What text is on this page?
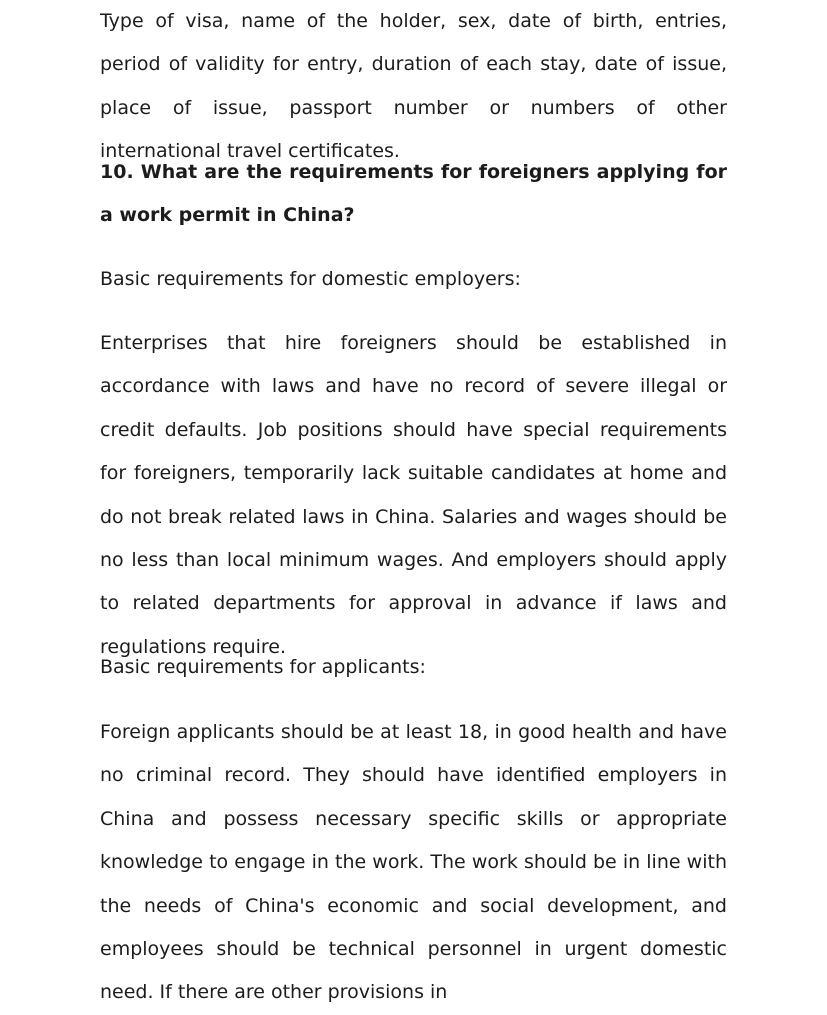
Type of visa, name of the holder, sex, date of birth, entries, period of validity for entry, duration of each stay, date of issue, place of issue, passport number or numbers of other international travel certificates.

10. What are the requirements for foreigners applying for a work permit in China?

Basic requirements for domestic employers:

Enterprises that hire foreigners should be established in accordance with laws and have no record of severe illegal or credit defaults. Job positions should have special requirements for foreigners, temporarily lack suitable candidates at home and do not break related laws in China. Salaries and wages should be no less than local minimum wages. And employers should apply to related departments for approval in advance if laws and regulations require.

Basic requirements for applicants:

Foreign applicants should be at least 18, in good health and have no criminal record. They should have identified employers in China and possess necessary specific skills or appropriate knowledge to engage in the work. The work should be in line with the needs of China's economic and social development, and employees should be technical personnel in urgent domestic need. If there are other provisions in
